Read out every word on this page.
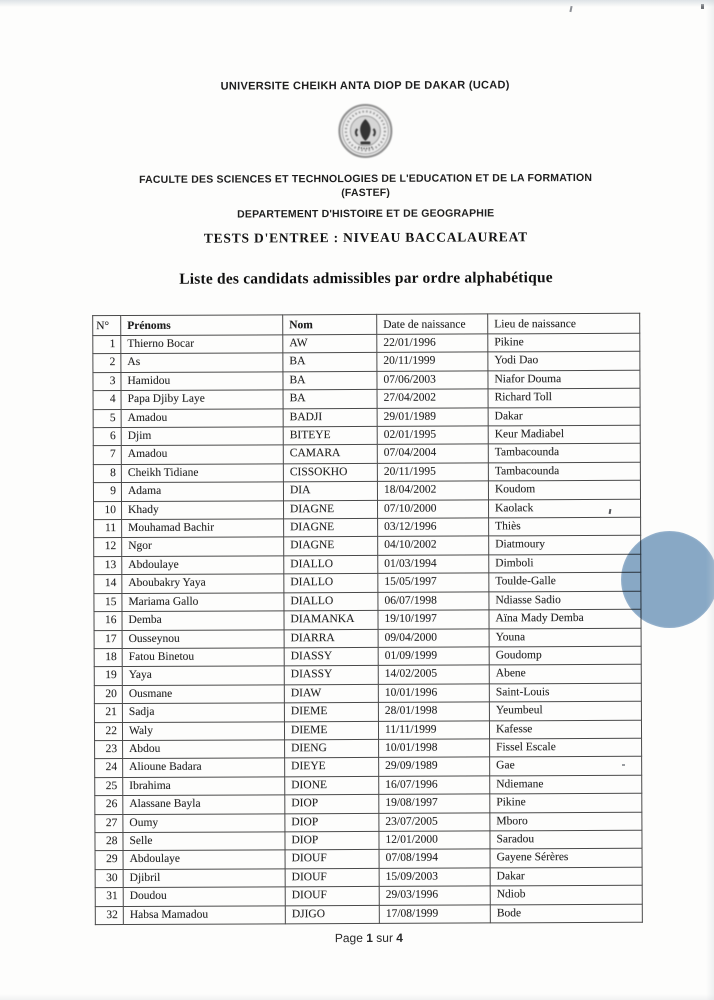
UNIVERSITE CHEIKH ANTA DIOP DE DAKAR (UCAD)
FACULTE DES SCIENCES ET TECHNOLOGIES DE L'EDUCATION ET DE LA FORMATION
(FASTEF)
DEPARTEMENT D'HISTOIRE ET DE GEOGRAPHIE
TESTS D'ENTREE : NIVEAU BACCALAUREAT
Liste des candidats admissibles par ordre alphabétique
N°	Prénoms	Nom	Date de naissance	Lieu de naissance
1	Thierno Bocar	AW	22/01/1996	Pikine
2	As	BA	20/11/1999	Yodi Dao
3	Hamidou	BA	07/06/2003	Niafor Douma
4	Papa Djiby Laye	BA	27/04/2002	Richard Toll
5	Amadou	BADJI	29/01/1989	Dakar
6	Djim	BITEYE	02/01/1995	Keur Madiabel
7	Amadou	CAMARA	07/04/2004	Tambacounda
8	Cheikh Tidiane	CISSOKHO	20/11/1995	Tambacounda
9	Adama	DIA	18/04/2002	Koudom
10	Khady	DIAGNE	07/10/2000	Kaolack
11	Mouhamad Bachir	DIAGNE	03/12/1996	Thiès
12	Ngor	DIAGNE	04/10/2002	Diatmoury
13	Abdoulaye	DIALLO	01/03/1994	Dimboli
14	Aboubakry Yaya	DIALLO	15/05/1997	Toulde-Galle
15	Mariama Gallo	DIALLO	06/07/1998	Ndiasse Sadio
16	Demba	DIAMANKA	19/10/1997	Aïna Mady Demba
17	Ousseynou	DIARRA	09/04/2000	Youna
18	Fatou Binetou	DIASSY	01/09/1999	Goudomp
19	Yaya	DIASSY	14/02/2005	Abene
20	Ousmane	DIAW	10/01/1996	Saint-Louis
21	Sadja	DIEME	28/01/1998	Yeumbeul
22	Waly	DIEME	11/11/1999	Kafesse
23	Abdou	DIENG	10/01/1998	Fissel Escale
24	Alioune Badara	DIEYE	29/09/1989	Gae
25	Ibrahima	DIONE	16/07/1996	Ndiemane
26	Alassane Bayla	DIOP	19/08/1997	Pikine
27	Oumy	DIOP	23/07/2005	Mboro
28	Selle	DIOP	12/01/2000	Saradou
29	Abdoulaye	DIOUF	07/08/1994	Gayene Sérères
30	Djibril	DIOUF	15/09/2003	Dakar
31	Doudou	DIOUF	29/03/1996	Ndiob
32	Habsa Mamadou	DJIGO	17/08/1999	Bode
Page 1 sur 4
